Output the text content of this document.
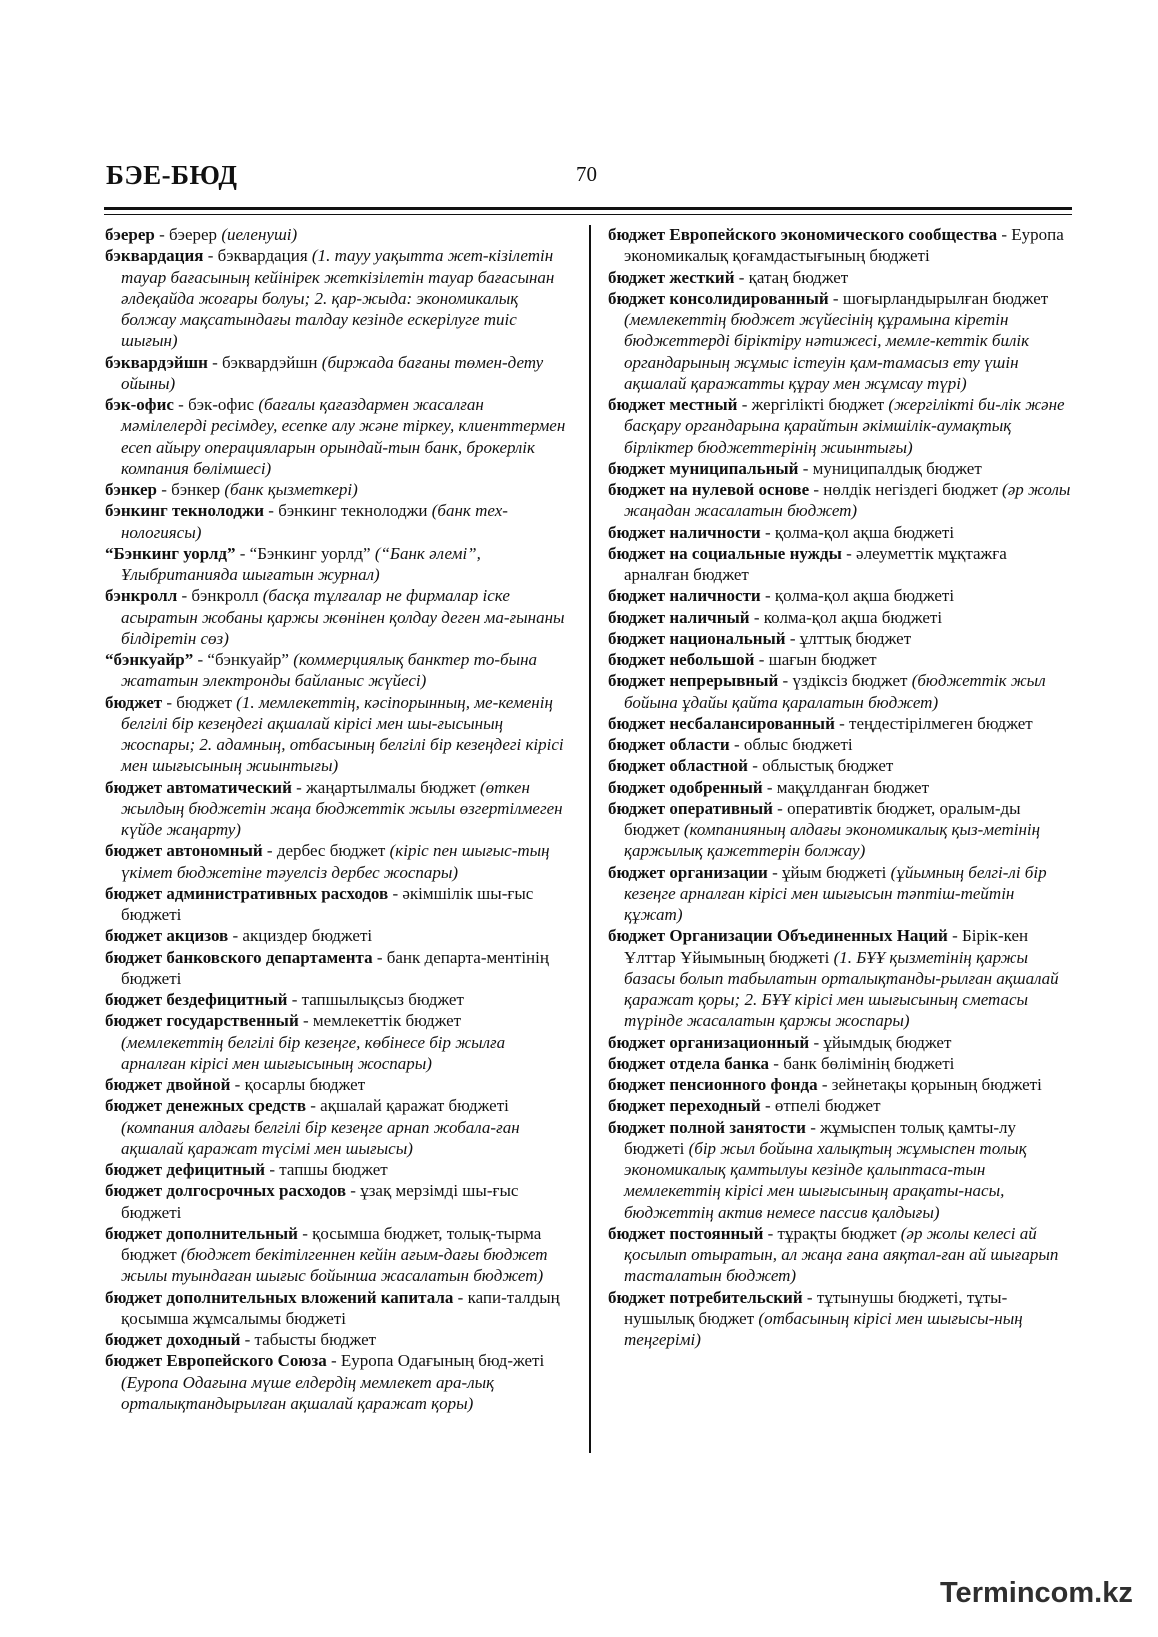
БЭЕ-БЮД	70
бэерер - бэерер (иеленуші)
бэквардация - бэквардация (1. тауу уақытта жет-кізілетін тауар бағасының кейінірек жеткізілетін тауар бағасынан әлдеқайда жоғары болуы; 2. қар-жыда: экономикалық болжау мақсатындағы талдау кезінде ескерілуге тиіс шығын)
бэквардэйшн - бэквардэйшн (биржада бағаны төмен-дету ойыны)
бэк-офис - бэк-офис (бағалы қағаздармен жасалған мәмілелерді ресімдеу, есепке алу және тіркеу, клиенттермен есеп айыру операцияларын орындай-тын банк, брокерлік компания бөлімшесі)
бэнкер - бэнкер (банк қызметкері)
бэнкинг текнолоджи - бэнкинг текнолоджи (банк тех-нологиясы)
“Бэнкинг уорлд” - “Бэнкинг уорлд” (“Банк әлемі”, Ұлыбританияда шығатын журнал)
бэнкролл - бэнкролл (басқа тұлғалар не фирмалар іске асыратын жобаны қаржы жөнінен қолдау деген ма-ғынаны білдіретін сөз)
“бэнкуайр” - “бэнкуайр” (коммерциялық банктер то-бына жататын электронды байланыс жүйесі)
бюджет - бюджет (1. мемлекеттің, кәсіпорынның, ме-кеменің белгілі бір кезеңдегі ақшалай кірісі мен шы-ғысының жоспары; 2. адамның, отбасының белгілі бір кезеңдегі кірісі мен шығысының жиынтығы)
бюджет автоматический - жаңартылмалы бюджет (өткен жылдың бюджетін жаңа бюджеттік жылы өзгертілмеген күйде жаңарту)
бюджет автономный - дербес бюджет (кіріс пен шығыс-тың үкімет бюджетіне тәуелсіз дербес жоспары)
бюджет административных расходов - әкімшілік шы-ғыс бюджеті
бюджет акцизов - акциздер бюджеті
бюджет банковского департамента - банк департа-ментінің бюджеті
бюджет бездефицитный - тапшылықсыз бюджет
бюджет государственный - мемлекеттік бюджет (мемлекеттің белгілі бір кезеңге, көбінесе бір жылға арналған кірісі мен шығысының жоспары)
бюджет двойной - қосарлы бюджет
бюджет денежных средств - ақшалай қаражат бюджеті (компания алдағы белгілі бір кезеңге арнап жобала-ған ақшалай қаражат түсімі мен шығысы)
бюджет дефицитный - тапшы бюджет
бюджет долгосрочных расходов - ұзақ мерзімді шы-ғыс бюджеті
бюджет дополнительный - қосымша бюджет, толық-тырма бюджет (бюджет бекітілгеннен кейін ағым-дағы бюджет жылы туындаған шығыс бойынша жасалатын бюджет)
бюджет дополнительных вложений капитала - капи-талдың қосымша жұмсалымы бюджеті
бюджет доходный - табысты бюджет
бюджет Европейского Союза - Еуропа Одағының бюд-жеті (Еуропа Одағына мүше елдердің мемлекет ара-лық орталықтандырылған ақшалай қаражат қоры)
бюджет Европейского экономического сообщества - Еуропа экономикалық қоғамдастығының бюджеті
бюджет жесткий - қатаң бюджет
бюджет консолидированный - шоғырландырылған бюджет (мемлекеттің бюджет жүйесінің құрамына кіретін бюджеттерді біріктіру нәтижесі, мемле-кеттік билік органдарының жұмыс істеуін қам-тамасыз ету үшін ақшалай қаражатты құрау мен жұмсау түрі)
бюджет местный - жергілікті бюджет (жергілікті би-лік және басқару органдарына қарайтын әкімшілік-аумақтық бірліктер бюджеттерінің жиынтығы)
бюджет муниципальный - муниципалдық бюджет
бюджет на нулевой основе - нөлдік негіздегі бюджет (әр жолы жаңадан жасалатын бюджет)
бюджет наличности - қолма-қол ақша бюджеті
бюджет на социальные нужды - әлеуметтік мұқтажға арналған бюджет
бюджет наличности - қолма-қол ақша бюджеті
бюджет наличный - колма-қол ақша бюджеті
бюджет национальный - ұлттық бюджет
бюджет небольшой - шағын бюджет
бюджет непрерывный - үздіксіз бюджет (бюджеттік жыл бойына ұдайы қайта қаралатын бюджет)
бюджет несбалансированный - теңдестірілмеген бюджет
бюджет области - облыс бюджеті
бюджет областной - облыстық бюджет
бюджет одобренный - мақұлданған бюджет
бюджет оперативный - оперативтік бюджет, оралым-ды бюджет (компанияның алдағы экономикалық қыз-метінің қаржылық қажеттерін болжау)
бюджет организации - ұйым бюджеті (ұйымның белгі-лі бір кезеңге арналған кірісі мен шығысын тәптіш-тейтін құжат)
бюджет Организации Объединенных Наций - Бірік-кен Ұлттар Ұйымының бюджеті (1. БҰҰ қызметінің қаржы базасы болып табылатын орталықтанды-рылған ақшалай қаражат қоры; 2. БҰҰ кірісі мен шығысының сметасы түрінде жасалатын қаржы жоспары)
бюджет организационный - ұйымдық бюджет
бюджет отдела банка - банк бөлімінің бюджеті
бюджет пенсионного фонда - зейнетақы қорының бюджеті
бюджет переходный - өтпелі бюджет
бюджет полной занятости - жұмыспен толық қамты-лу бюджеті (бір жыл бойына халықтың жұмыспен толық экономикалық қамтылуы кезінде қалыптаса-тын мемлекеттің кірісі мен шығысының арақаты-насы, бюджеттің актив немесе пассив қалдығы)
бюджет постоянный - тұрақты бюджет (әр жолы келесі ай қосылып отыратын, ал жаңа ғана аяқтал-ған ай шығарып тасталатын бюджет)
бюджет потребительский - тұтынушы бюджеті, тұты-нушылық бюджет (отбасының кірісі мен шығысы-ның теңгерімі)
Termincom.kz
